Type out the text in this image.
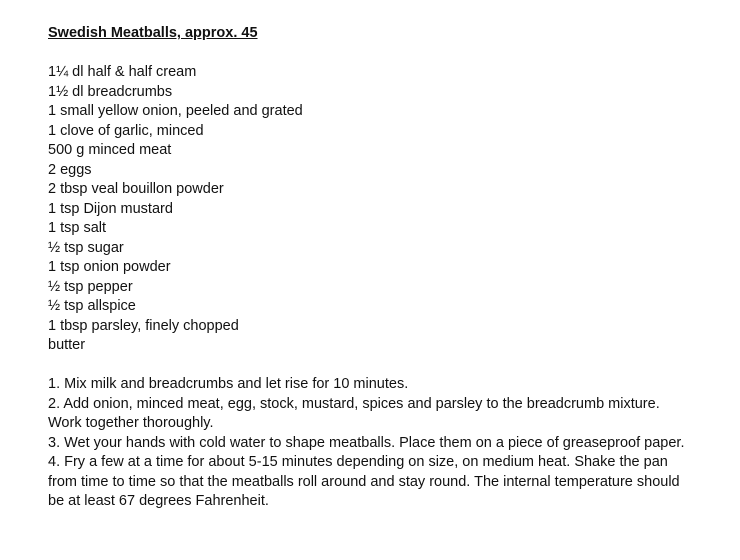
Swedish Meatballs, approx. 45
1¼ dl half & half cream
1½ dl breadcrumbs
1 small yellow onion, peeled and grated
1 clove of garlic, minced
500 g minced meat
2 eggs
2 tbsp veal bouillon powder
1 tsp Dijon mustard
1 tsp salt
½ tsp sugar
1 tsp onion powder
½ tsp pepper
½ tsp allspice
1 tbsp parsley, finely chopped
butter
1. Mix milk and breadcrumbs and let rise for 10 minutes.
2. Add onion, minced meat, egg, stock, mustard, spices and parsley to the breadcrumb mixture. Work together thoroughly.
3. Wet your hands with cold water to shape meatballs. Place them on a piece of greaseproof paper.
4. Fry a few at a time for about 5-15 minutes depending on size, on medium heat. Shake the pan from time to time so that the meatballs roll around and stay round. The internal temperature should be at least 67 degrees Fahrenheit.
